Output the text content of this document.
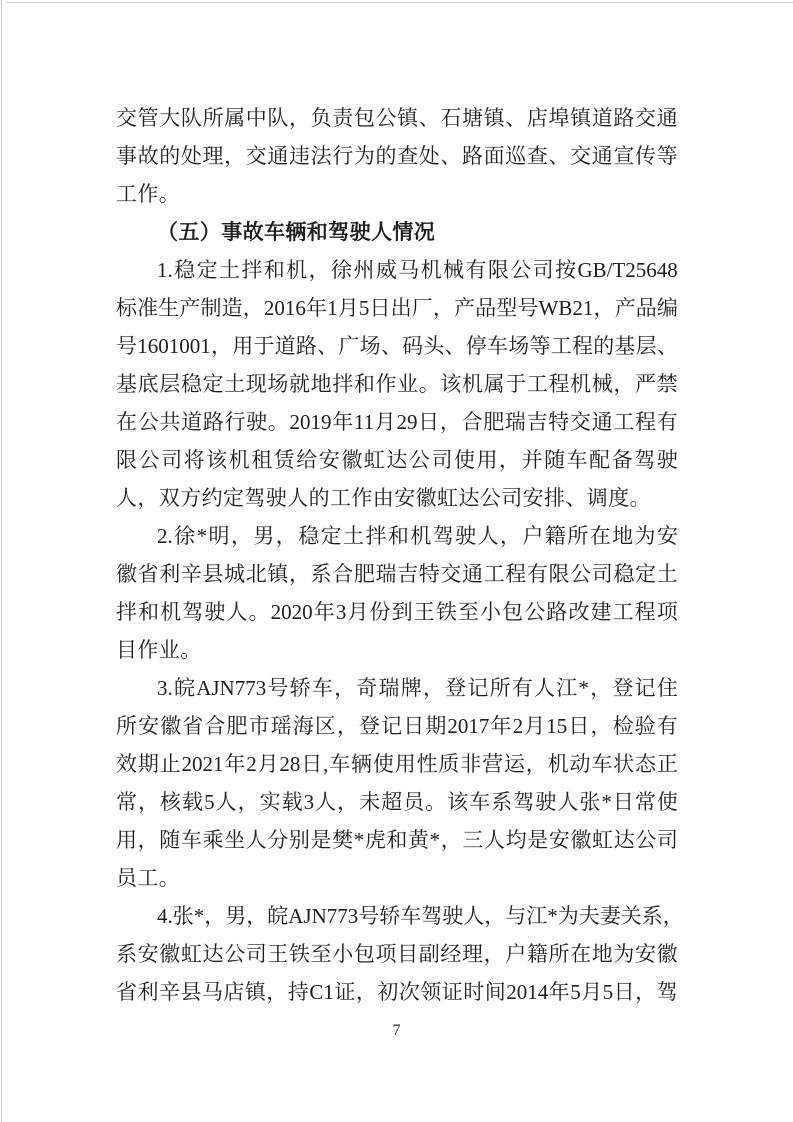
交 管 大 队 所 属 中 队 ， 负 责 包 公 镇 、 石 塘 镇 、 店 埠 镇 道 路 交 通
事 故 的 处 理 ， 交 通 违 法 行 为 的 查 处 、 路 面 巡 查 、 交 通 宣 传 等
工作。
（五）事故车辆和驾驶人情况
1. 稳 定 土 拌 和 机 ， 徐 州 威 马 机 械 有 限 公 司 按 GB/T25648
标 准 生 产 制 造 ， 2016 年 1 月 5 日 出 厂 ， 产 品 型 号 WB21 ， 产 品 编
号 1601001 ， 用 于 道 路 、 广 场 、 码 头 、 停 车 场 等 工 程 的 基 层 、
基 底 层 稳 定 土 现 场 就 地 拌 和 作 业 。 该 机 属 于 工 程 机 械 ， 严 禁
在 公 共 道 路 行 驶 。 2019 年 11 月 29 日 ， 合 肥 瑞 吉 特 交 通 工 程 有
限 公 司 将 该 机 租 赁 给 安 徽 虹 达 公 司 使 用 ， 并 随 车 配 备 驾 驶
人，双方约定驾驶人的工作由安徽虹达公司安排、调度。
2. 徐 * 明 ， 男 ， 稳 定 土 拌 和 机 驾 驶 人 ， 户 籍 所 在 地 为 安
徽 省 利 辛 县 城 北 镇 ， 系 合 肥 瑞 吉 特 交 通 工 程 有 限 公 司 稳 定 土
拌 和 机 驾 驶 人 。 2020 年 3 月 份 到 王 铁 至 小 包 公 路 改 建 工 程 项
目作业。
3. 皖 AJN773 号 轿 车 ， 奇 瑞 牌 ， 登 记 所 有 人 江 * ， 登 记 住
所 安 徽 省 合 肥 市 瑶 海 区 ， 登 记 日 期 2017 年 2 月 15 日 ， 检 验 有
效 期 止 2021 年 2 月 28 日 , 车 辆 使 用 性 质 非 营 运 ， 机 动 车 状 态 正
常 ， 核 载 5 人 ， 实 载 3 人 ， 未 超 员 。 该 车 系 驾 驶 人 张 * 日 常 使
用 ， 随 车 乘 坐 人 分 别 是 樊 * 虎 和 黄 * ， 三 人 均 是 安 徽 虹 达 公 司
员工。
4. 张 * ， 男 ， 皖 AJN773 号 轿 车 驾 驶 人 ， 与 江 * 为 夫 妻 关 系 ，
系 安 徽 虹 达 公 司 王 铁 至 小 包 项 目 副 经 理 ， 户 籍 所 在 地 为 安 徽
省 利 辛 县 马 店 镇 ， 持 C1 证 ， 初 次 领 证 时 间 2014 年 5 月 5 日 ， 驾
7
